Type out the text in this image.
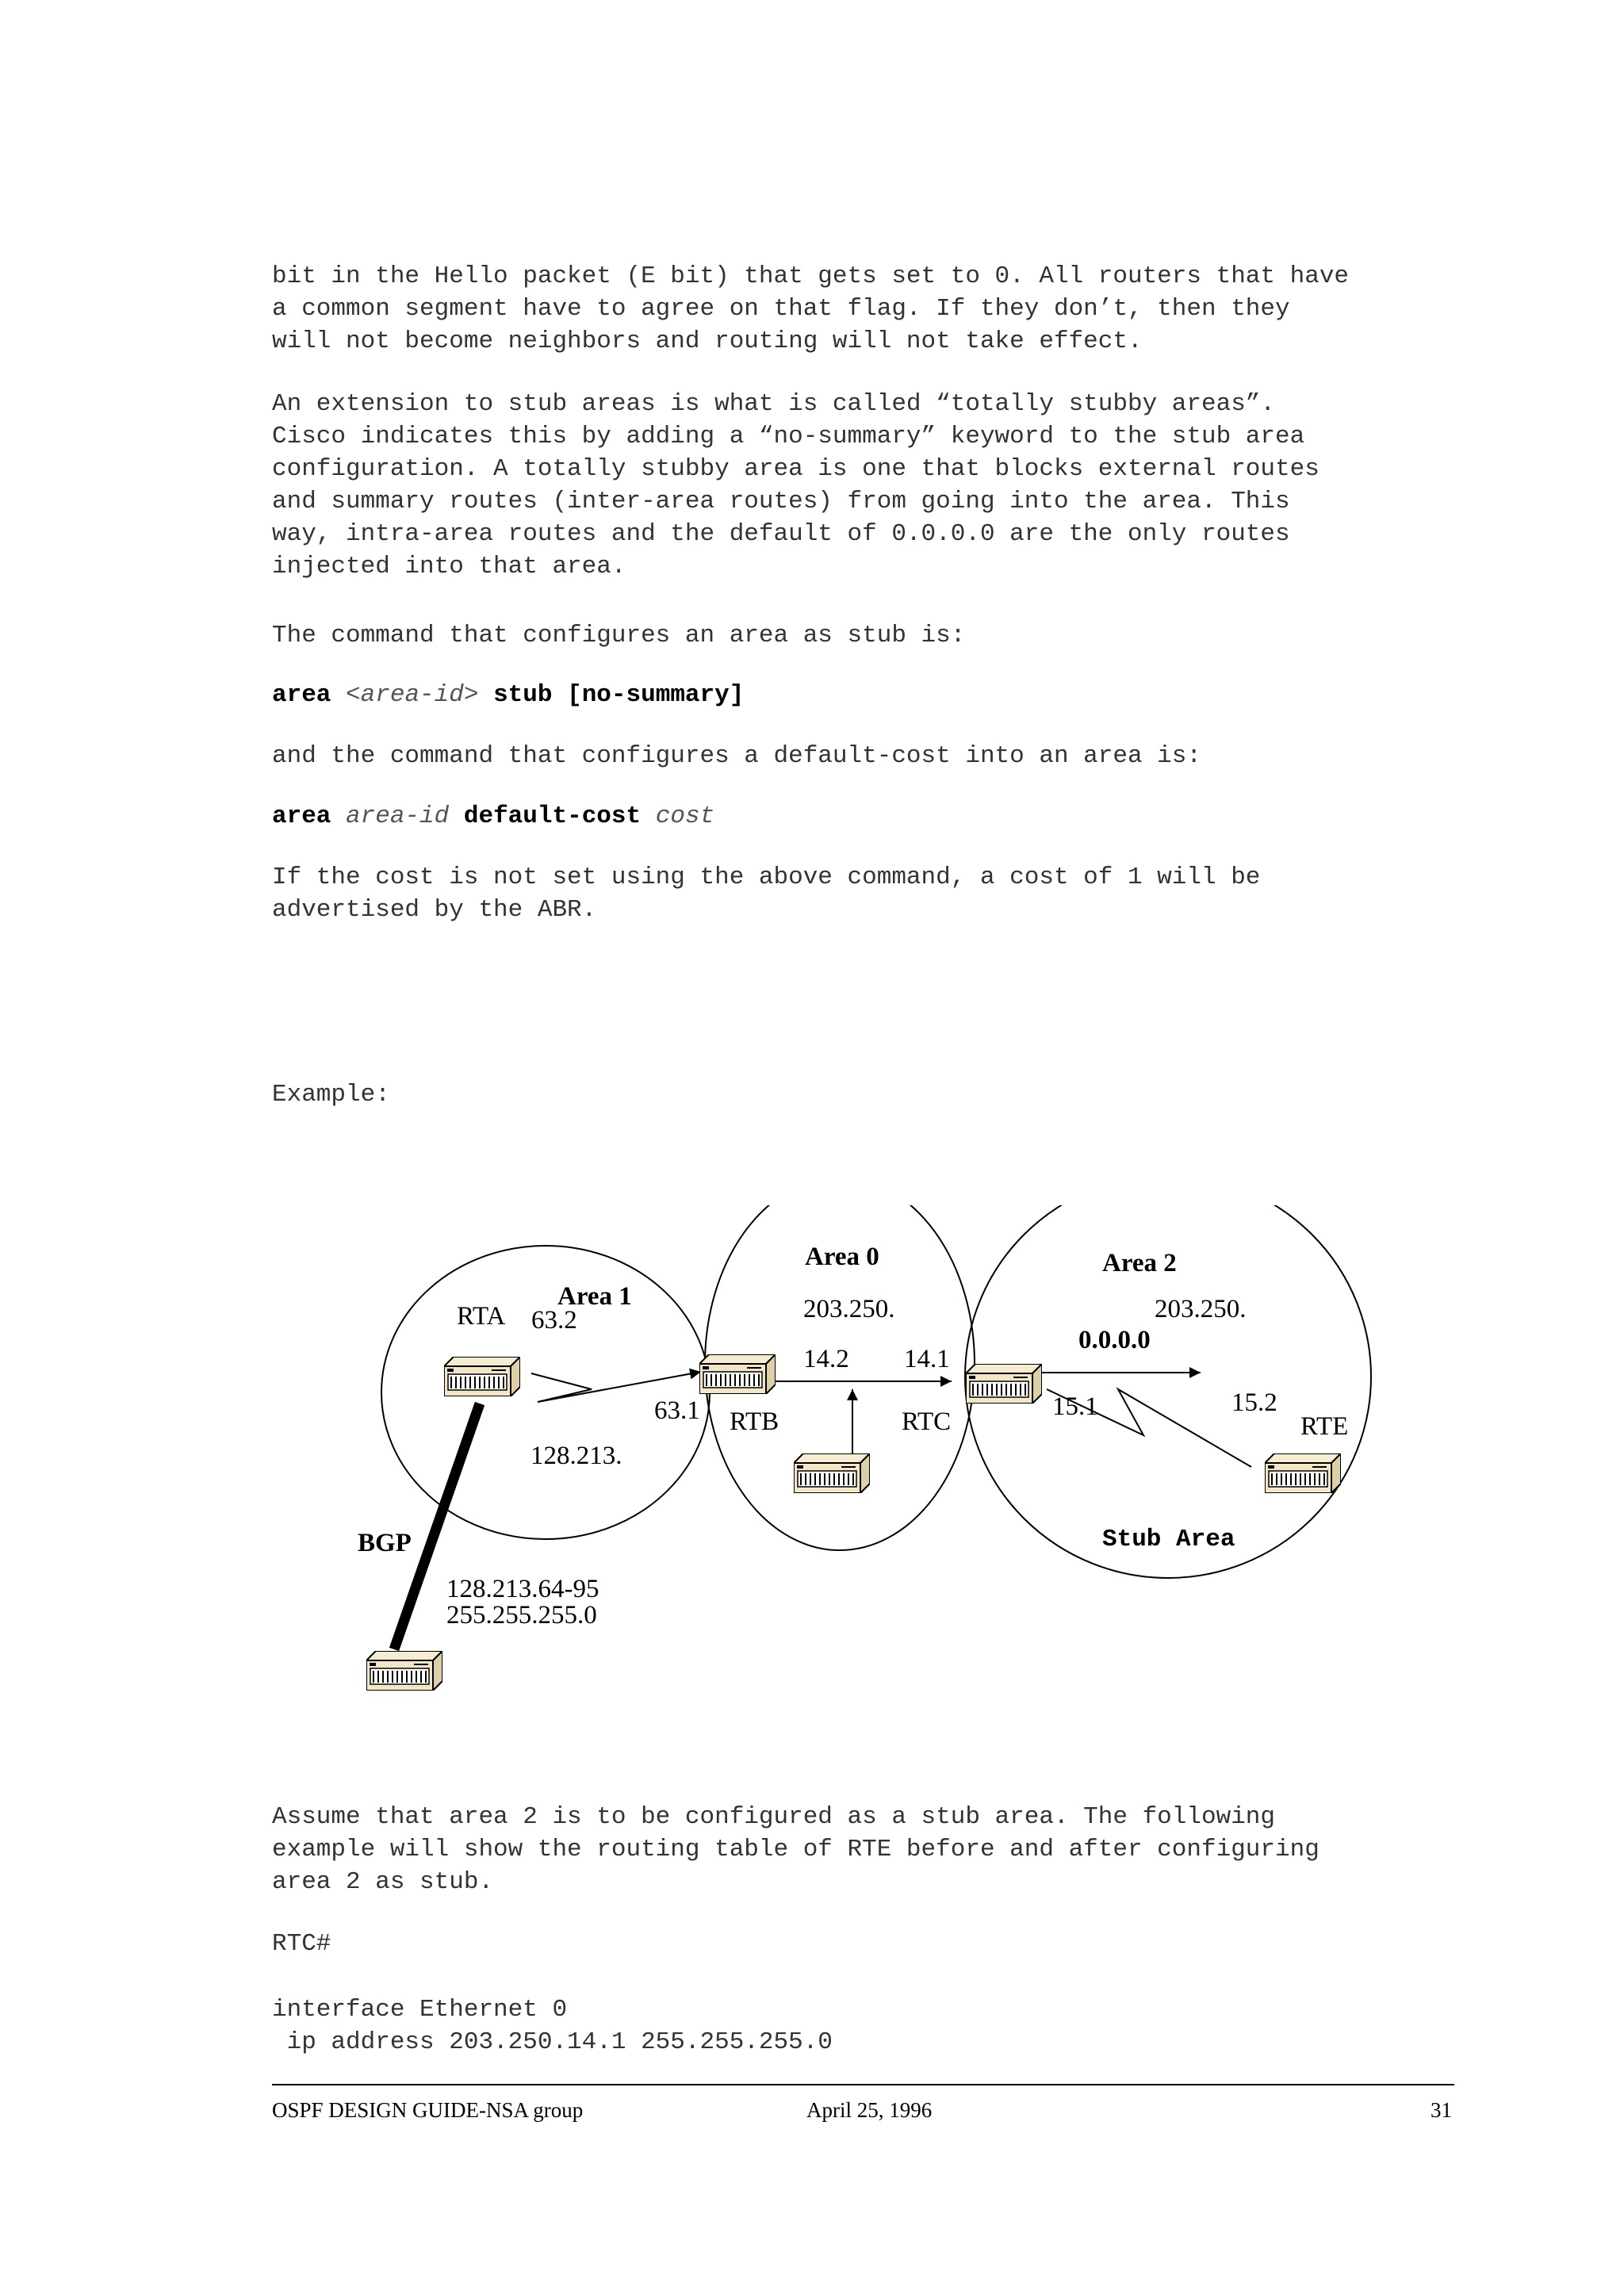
bit in the Hello packet (E bit) that gets set to 0. All routers that have
a common segment have to agree on that flag. If they don’t, then they
will not become neighbors and routing will not take effect.

An extension to stub areas is what is called “totally stubby areas”.
Cisco indicates this by adding a “no-summary” keyword to the stub area
configuration. A totally stubby area is one that blocks external routes
and summary routes (inter-area routes) from going into the area. This
way, intra-area routes and the default of 0.0.0.0 are the only routes
injected into that area.

The command that configures an area as stub is:

area <area-id> stub [no-summary]

and the command that configures a default-cost into an area is:

area area-id default-cost cost

If the cost is not set using the above command, a cost of 1 will be
advertised by the ABR.

Example:

Area 1
Area 0	Area 2
203.250.	203.250.
0.0.0.0
128.213.
Stub Area
RTA 63.2
63.1 RTB
14.2 14.1
RTC
15.1	15.2
RTE
BGP
128.213.64-95
255.255.255.0

Assume that area 2 is to be configured as a stub area. The following
example will show the routing table of RTE before and after configuring
area 2 as stub.

RTC#

interface Ethernet 0
ip address 203.250.14.1 255.255.255.0

OSPF DESIGN GUIDE-NSA group	April 25, 1996	31
